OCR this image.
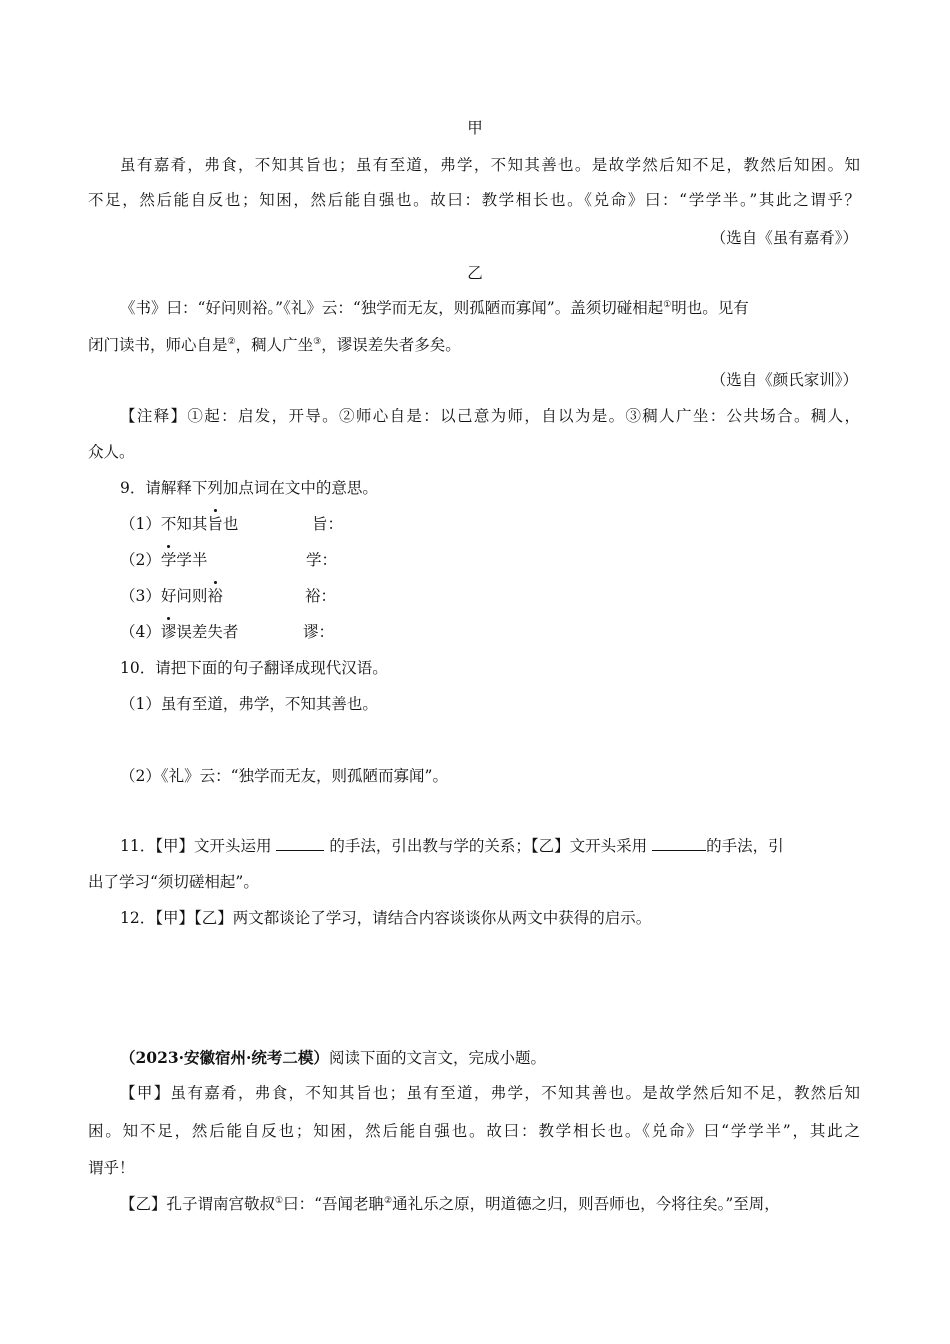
甲
虽有嘉肴，弗食，不知其旨也；虽有至道，弗学，不知其善也。是故学然后知不足，教然后知困。知
不足，然后能自反也；知困，然后能自强也。故曰：教学相长也。《兑命》曰：“学学半。”其此之谓乎？
（选自《虽有嘉肴》）
乙
《书》曰：“好问则裕。”《礼》云：“独学而无友，则孤陋而寡闻”。盖须切碰相起①明也。见有
闭门读书，师心自是②，稠人广坐③，谬误差失者多矣。
（选自《颜氏家训》）
【注释】①起：启发，开导。②师心自是：以己意为师，自以为是。③稠人广坐：公共场合。稠人，
众人。
9．请解释下列加点词在文中的意思。
（1）不知其旨也	旨：
（2）学学半	学：
（3）好问则裕	裕：
（4）谬误差失者	谬：
10．请把下面的句子翻译成现代汉语。
（1）虽有至道，弗学，不知其善也。
（2）《礼》云：“独学而无友，则孤陋而寡闻”。
11．【甲】文开头运用	的手法，引出教与学的关系；【乙】文开头采用	的手法，引
出了学习“须切磋相起”。
12．【甲】【乙】两文都谈论了学习，请结合内容谈谈你从两文中获得的启示。
（2023·安徽宿州·统考二模）阅读下面的文言文，完成小题。
【甲】虽有嘉肴，弗食，不知其旨也；虽有至道，弗学，不知其善也。是故学然后知不足，教然后知
困。知不足，然后能自反也；知困，然后能自强也。故曰：教学相长也。《兑命》曰“学学半”，其此之
谓乎！
【乙】孔子谓南宫敬叔①曰：“吾闻老聃②通礼乐之原，明道德之归，则吾师也，今将往矣。”至周，
